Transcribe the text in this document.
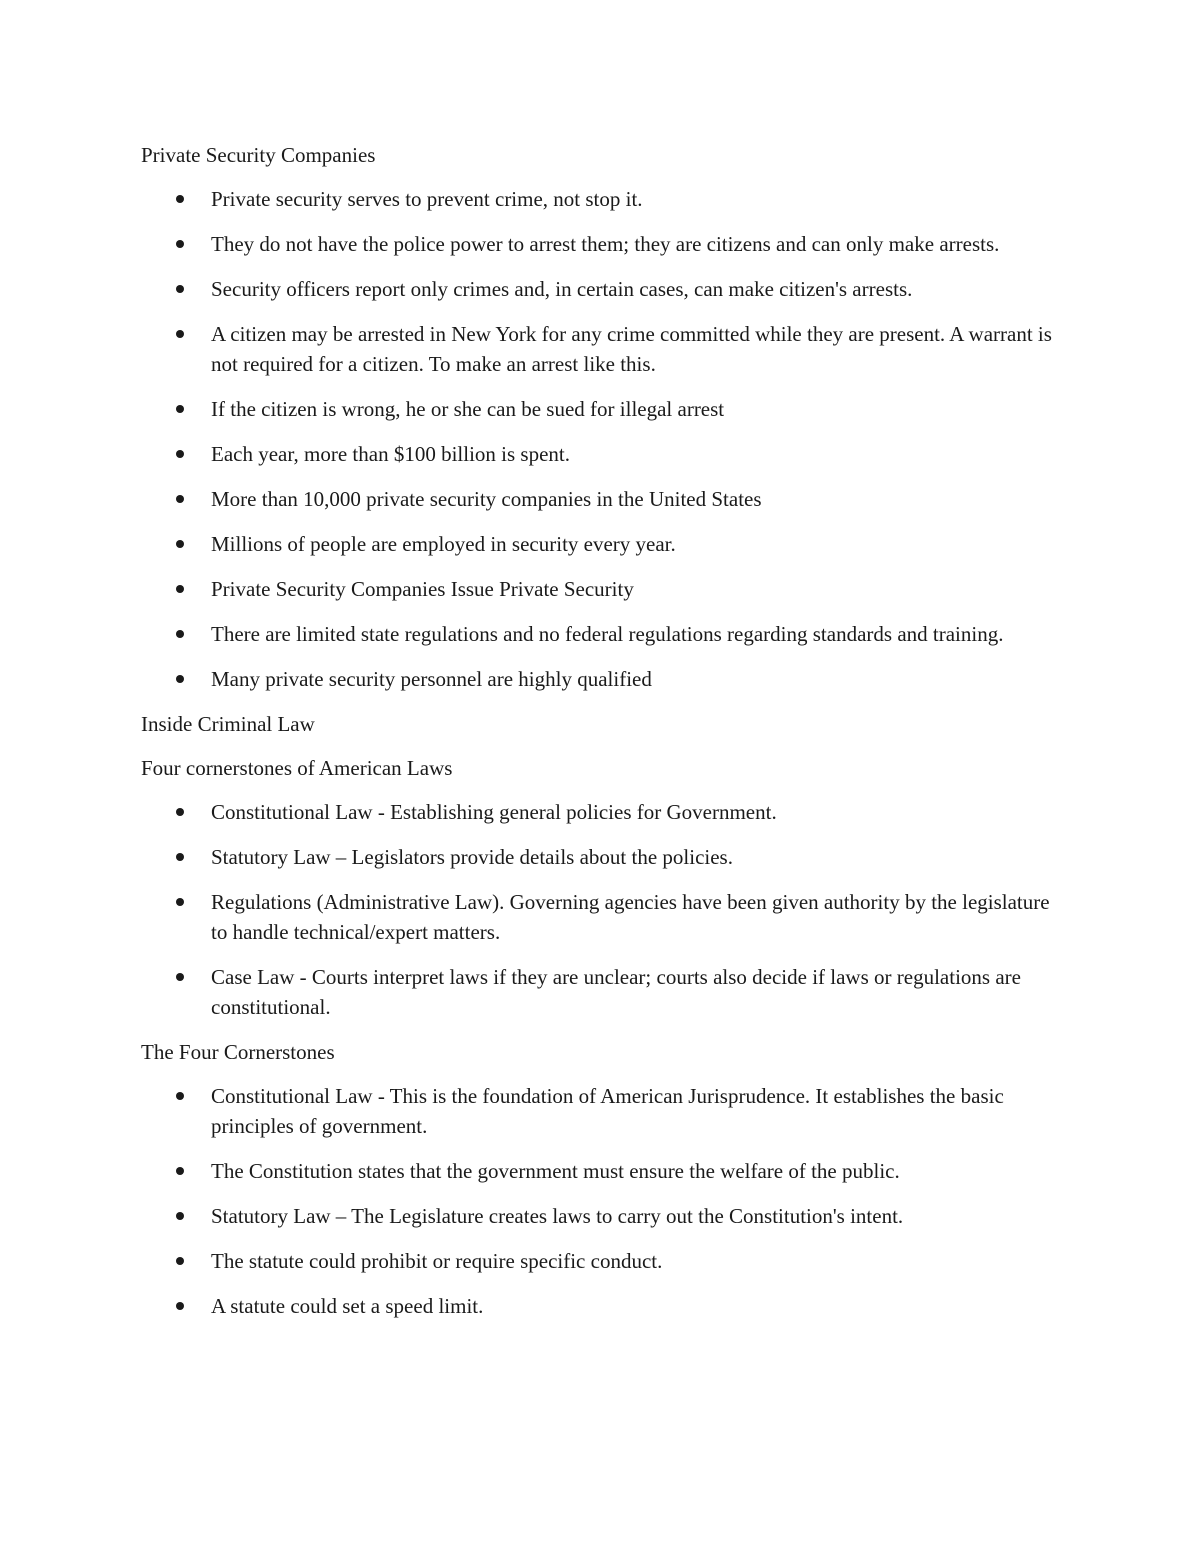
Private Security Companies

Private security serves to prevent crime, not stop it.
They do not have the police power to arrest them; they are citizens and can only make arrests.
Security officers report only crimes and, in certain cases, can make citizen's arrests.
A citizen may be arrested in New York for any crime committed while they are present. A warrant is not required for a citizen. To make an arrest like this.
If the citizen is wrong, he or she can be sued for illegal arrest
Each year, more than $100 billion is spent.
More than 10,000 private security companies in the United States
Millions of people are employed in security every year.
Private Security Companies Issue Private Security
There are limited state regulations and no federal regulations regarding standards and training.
Many private security personnel are highly qualified

Inside Criminal Law

Four cornerstones of American Laws

Constitutional Law - Establishing general policies for Government.
Statutory Law – Legislators provide details about the policies.
Regulations (Administrative Law). Governing agencies have been given authority by the legislature to handle technical/expert matters.
Case Law - Courts interpret laws if they are unclear; courts also decide if laws or regulations are constitutional.

The Four Cornerstones

Constitutional Law - This is the foundation of American Jurisprudence. It establishes the basic principles of government.
The Constitution states that the government must ensure the welfare of the public.
Statutory Law – The Legislature creates laws to carry out the Constitution's intent.
The statute could prohibit or require specific conduct.
A statute could set a speed limit.
